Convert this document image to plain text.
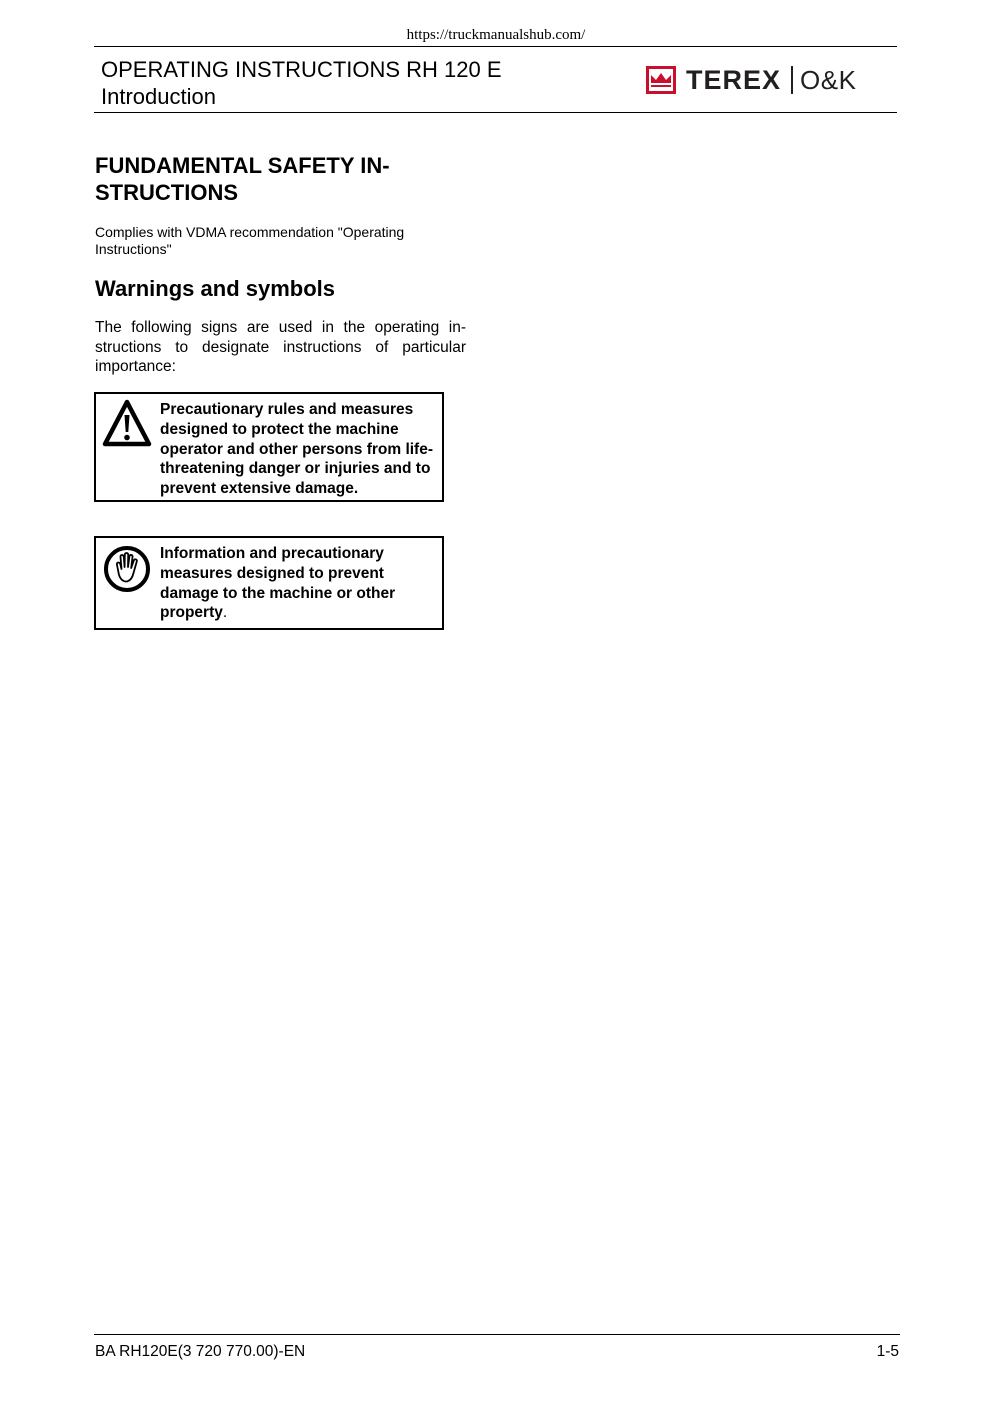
https://truckmanualshub.com/
OPERATING INSTRUCTIONS RH 120 E
Introduction
TEREX O&K
FUNDAMENTAL SAFETY IN-
STRUCTIONS
Complies with VDMA recommendation "Operating
Instructions"
Warnings and symbols
The following signs are used in the operating in-structions to designate instructions of particular importance:
Precautionary rules and measures designed to protect the machine operator and other persons from life-threatening danger or injuries and to prevent extensive damage.
Information and precautionary measures designed to prevent damage to the machine or other property.
BA RH120E(3 720 770.00)-EN	1-5
